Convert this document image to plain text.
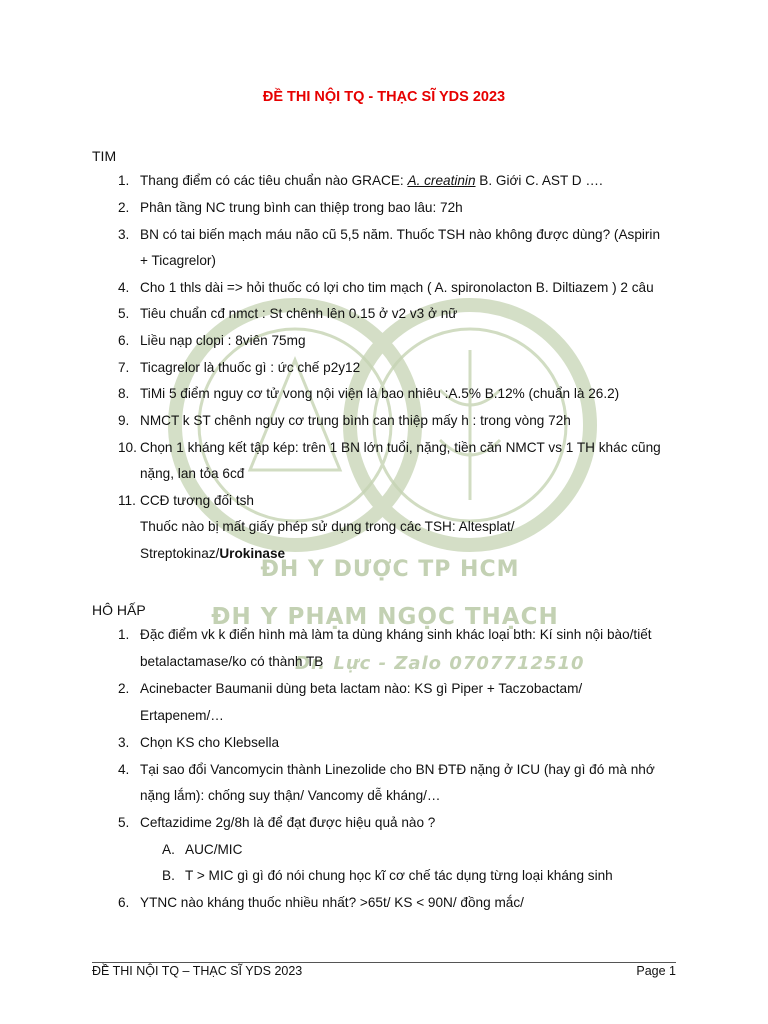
ĐH Y DƯỢC TP HCM
ĐH Y PHẠM NGỌC THẠCH
Dr. Lực - Zalo 0707712510
ĐỀ THI NỘI TQ - THẠC SĨ YDS 2023
TIM
1. Thang điểm có các tiêu chuẩn nào GRACE: A. creatinin B. Giới C. AST D ….
2. Phân tầng NC trung bình can thiệp trong bao lâu: 72h
3. BN có tai biến mạch máu não cũ 5,5 năm. Thuốc TSH nào không được dùng? (Aspirin
+ Ticagrelor)
4. Cho 1 thls dài => hỏi thuốc có lợi cho tim mạch ( A. spironolacton B. Diltiazem ) 2 câu
5. Tiêu chuẩn cđ nmct : St chênh lên 0.15 ở v2 v3 ở nữ
6. Liều nạp clopi : 8viên 75mg
7. Ticagrelor là thuốc gì : ức chế p2y12
8. TiMi 5 điểm nguy cơ tử vong nội viện là bao nhiêu :A.5% B.12% (chuẩn là 26.2)
9. NMCT k ST chênh nguy cơ trung bình can thiệp mấy h : trong vòng 72h
10. Chọn 1 kháng kết tập kép: trên 1 BN lớn tuổi, nặng, tiền căn NMCT vs 1 TH khác cũng
nặng, lan tỏa 6cđ
11. CCĐ tương đối tsh
Thuốc nào bị mất giấy phép sử dụng trong các TSH: Altesplat/
Streptokinaz/Urokinase
HÔ HẤP
1. Đặc điểm vk k điển hình mà làm ta dùng kháng sinh khác loại bth: Kí sinh nội bào/tiết
betalactamase/ko có thành TB
2. Acinebacter Baumanii dùng beta lactam nào: KS gì Piper + Taczobactam/
Ertapenem/…
3. Chọn KS cho Klebsella
4. Tại sao đổi Vancomycin thành Linezolide cho BN ĐTĐ nặng ở ICU (hay gì đó mà nhớ
nặng lắm): chống suy thận/ Vancomy dễ kháng/…
5. Ceftazidime 2g/8h là để đạt được hiệu quả nào ?
A. AUC/MIC
B. T > MIC gì gì đó nói chung học kĩ cơ chế tác dụng từng loại kháng sinh
6. YTNC nào kháng thuốc nhiều nhất? >65t/ KS < 90N/ đồng mắc/
ĐỀ THI NỘI TQ – THẠC SĨ YDS 2023	Page 1
